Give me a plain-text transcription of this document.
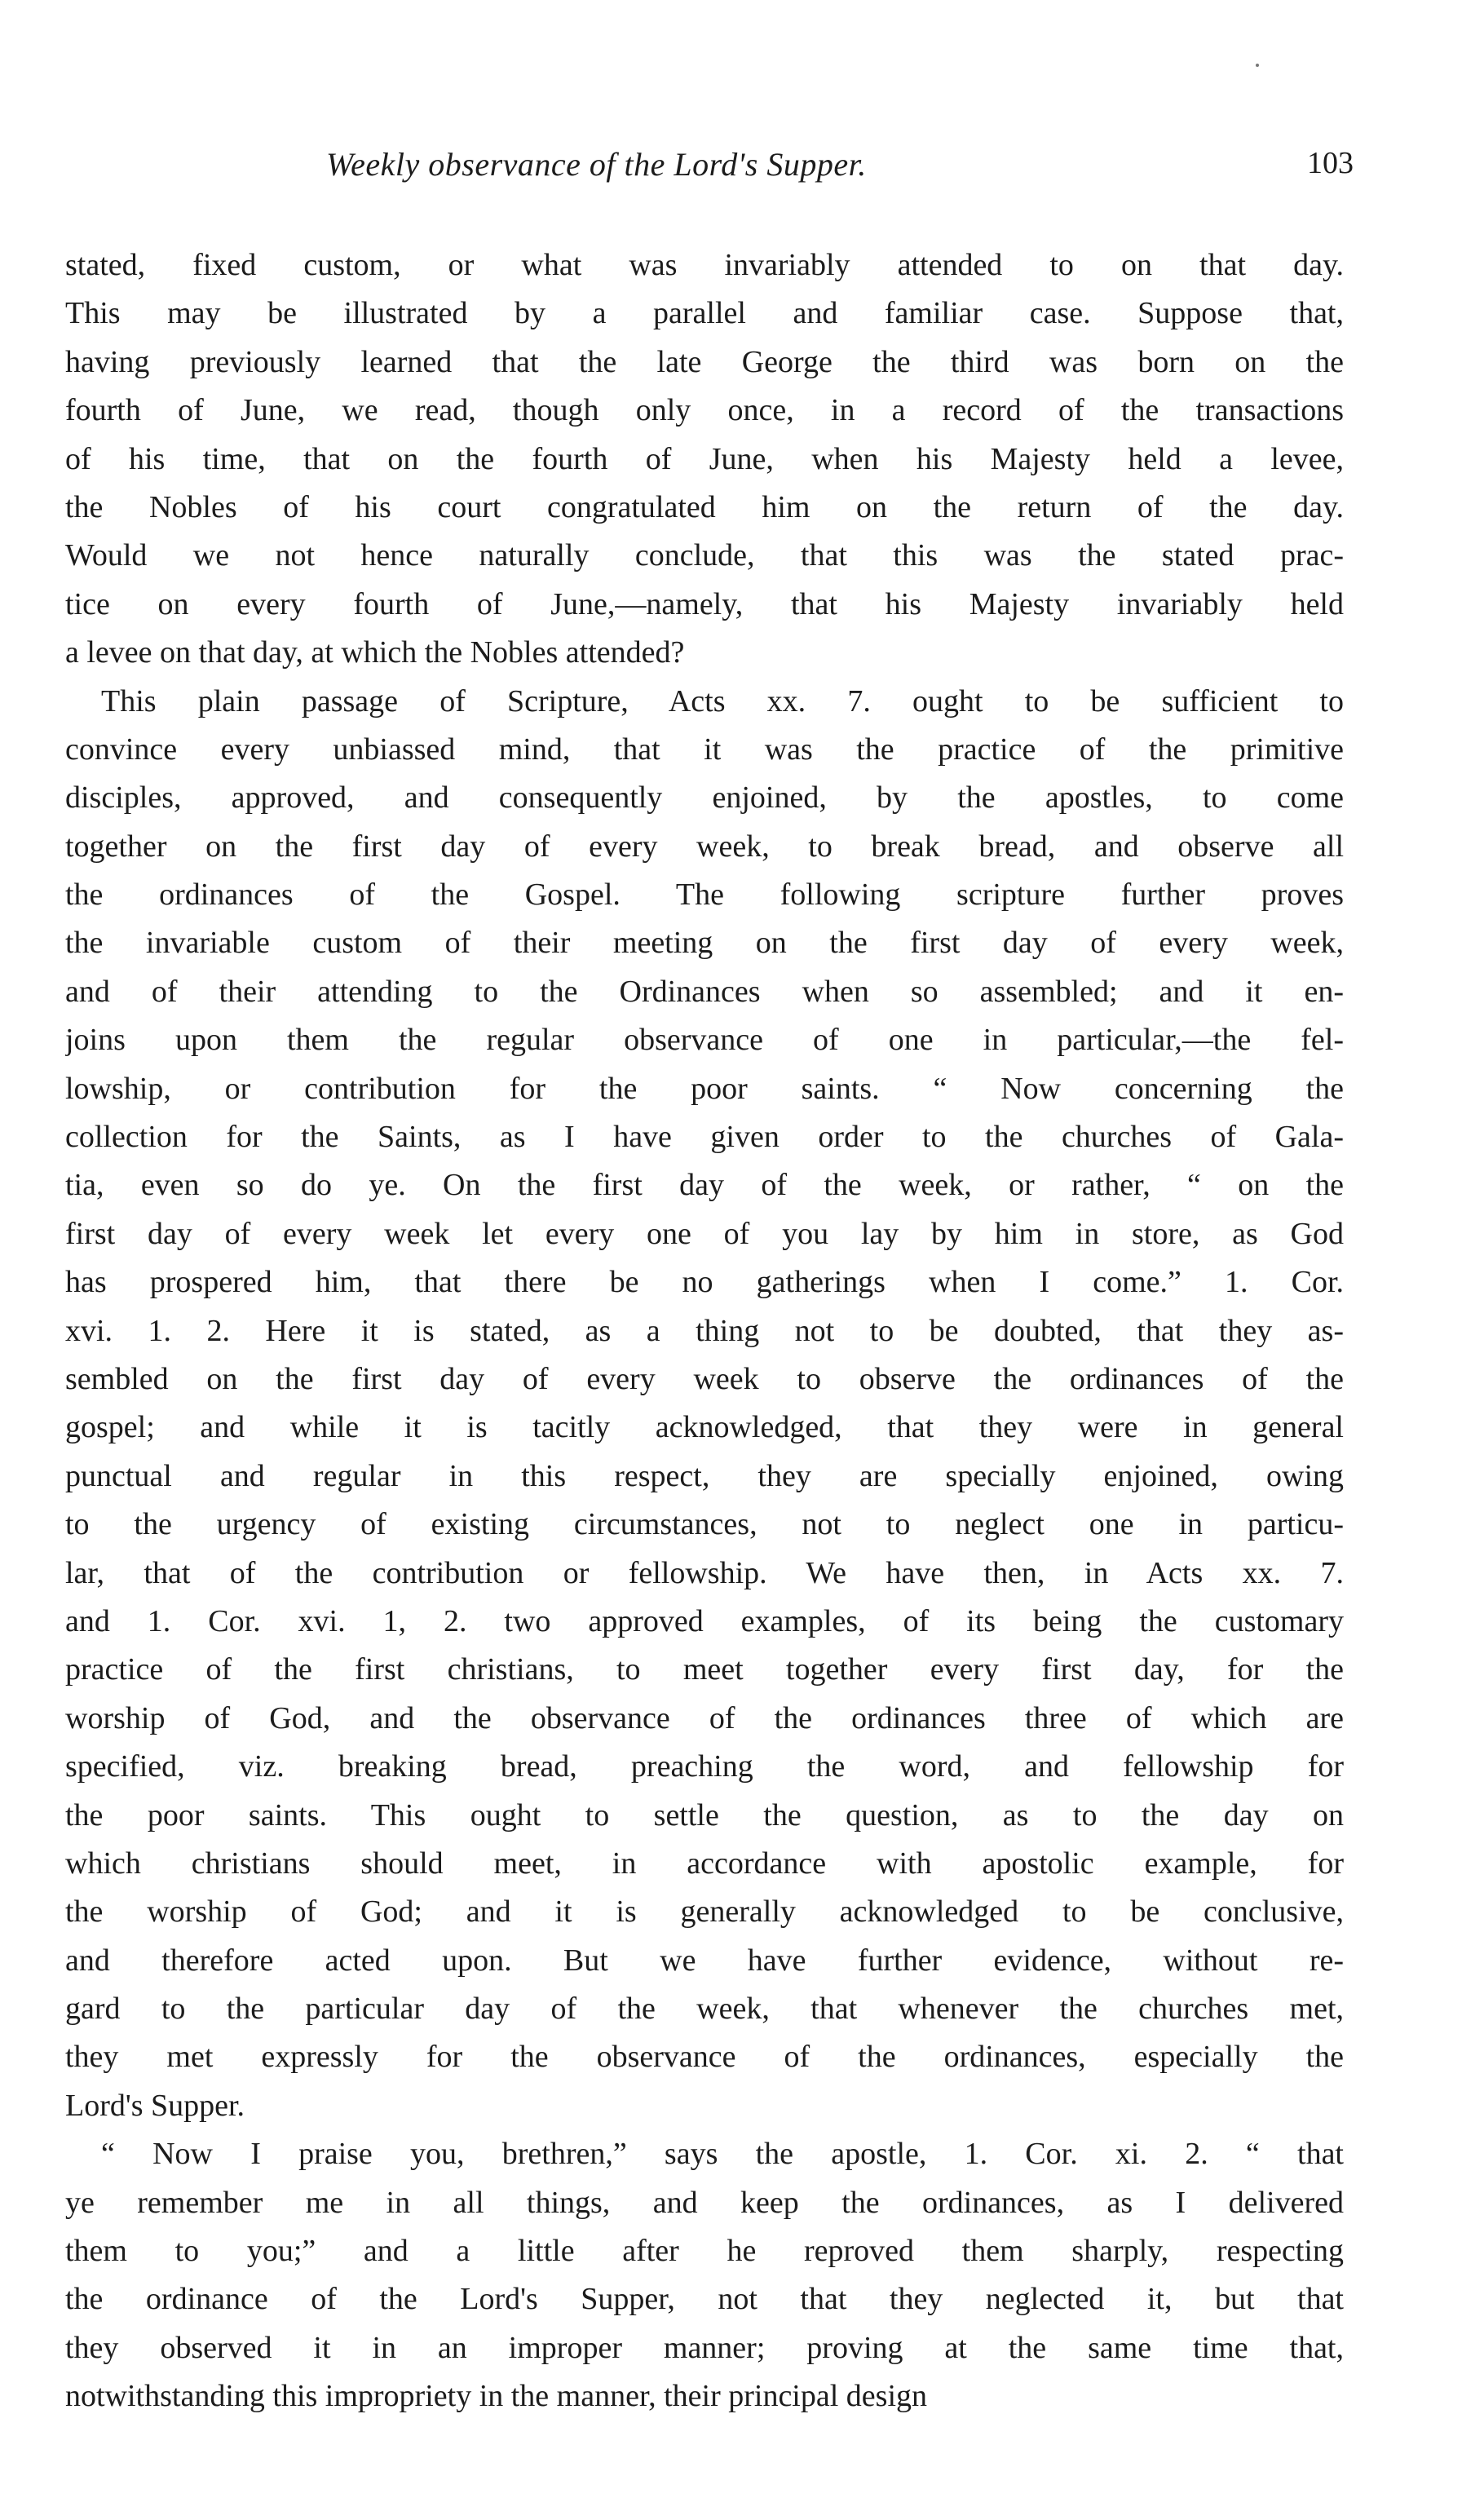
Weekly observance of the Lord's Supper.	103
stated, fixed custom, or what was invariably attended to on that day.
This may be illustrated by a parallel and familiar case. Suppose that,
having previously learned that the late George the third was born on the
fourth of June, we read, though only once, in a record of the transactions
of his time, that on the fourth of June, when his Majesty held a levee,
the Nobles of his court congratulated him on the return of the day.
Would we not hence naturally conclude, that this was the stated prac-
tice on every fourth of June,—namely, that his Majesty invariably held
a levee on that day, at which the Nobles attended?
This plain passage of Scripture, Acts xx. 7. ought to be sufficient to
convince every unbiassed mind, that it was the practice of the primitive
disciples, approved, and consequently enjoined, by the apostles, to come
together on the first day of every week, to break bread, and observe all
the ordinances of the Gospel. The following scripture further proves
the invariable custom of their meeting on the first day of every week,
and of their attending to the Ordinances when so assembled; and it en-
joins upon them the regular observance of one in particular,—the fel-
lowship, or contribution for the poor saints. “ Now concerning the
collection for the Saints, as I have given order to the churches of Gala-
tia, even so do ye. On the first day of the week, or rather, “ on the
first day of every week let every one of you lay by him in store, as God
has prospered him, that there be no gatherings when I come.” 1. Cor.
xvi. 1. 2. Here it is stated, as a thing not to be doubted, that they as-
sembled on the first day of every week to observe the ordinances of the
gospel; and while it is tacitly acknowledged, that they were in general
punctual and regular in this respect, they are specially enjoined, owing
to the urgency of existing circumstances, not to neglect one in particu-
lar, that of the contribution or fellowship. We have then, in Acts xx. 7.
and 1. Cor. xvi. 1, 2. two approved examples, of its being the customary
practice of the first christians, to meet together every first day, for the
worship of God, and the observance of the ordinances three of which are
specified, viz. breaking bread, preaching the word, and fellowship for
the poor saints. This ought to settle the question, as to the day on
which christians should meet, in accordance with apostolic example, for
the worship of God; and it is generally acknowledged to be conclusive,
and therefore acted upon. But we have further evidence, without re-
gard to the particular day of the week, that whenever the churches met,
they met expressly for the observance of the ordinances, especially the
Lord's Supper.
“ Now I praise you, brethren,” says the apostle, 1. Cor. xi. 2. “ that
ye remember me in all things, and keep the ordinances, as I delivered
them to you;” and a little after he reproved them sharply, respecting
the ordinance of the Lord's Supper, not that they neglected it, but that
they observed it in an improper manner; proving at the same time that,
notwithstanding this impropriety in the manner, their principal design
